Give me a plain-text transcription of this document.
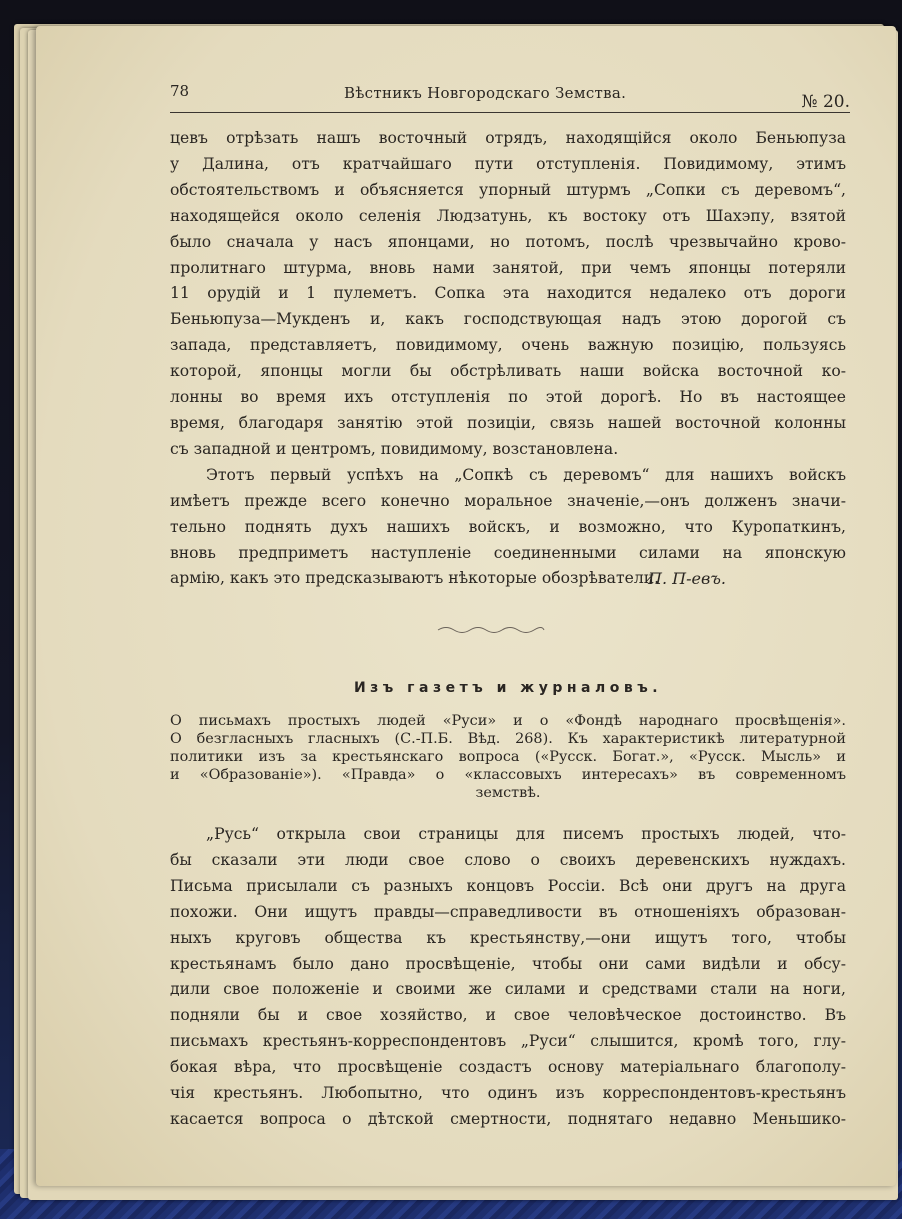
78	Вѣстникъ Новгородскаго Земства.	№ 20.

цевъ отрѣзать нашъ восточный отрядъ, находящійся около Беньюпуза
у Далина, отъ кратчайшаго пути отступленія. Повидимому, этимъ
обстоятельствомъ и объясняется упорный штурмъ „Сопки съ деревомъ“,
находящейся около селенія Людзатунь, къ востоку отъ Шахэпу, взятой
было сначала у насъ японцами, но потомъ, послѣ чрезвычайно крово-
пролитнаго штурма, вновь нами занятой, при чемъ японцы потеряли
11 орудій и 1 пулеметъ. Сопка эта находится недалеко отъ дороги
Беньюпуза—Мукденъ и, какъ господствующая надъ этою дорогой съ
запада, представляетъ, повидимому, очень важную позицію, пользуясь
которой, японцы могли бы обстрѣливать наши войска восточной ко-
лонны во время ихъ отступленія по этой дорогѣ. Но въ настоящее
время, благодаря занятію этой позиціи, связь нашей восточной колонны
съ западной и центромъ, повидимому, возстановлена.
Этотъ первый успѣхъ на „Сопкѣ съ деревомъ“ для нашихъ войскъ
имѣетъ прежде всего конечно моральное значеніе,—онъ долженъ значи-
тельно поднять духъ нашихъ войскъ, и возможно, что Куропаткинъ,
вновь предприметъ наступленіе соединенными силами на японскую
армію, какъ это предсказываютъ нѣкоторые обозрѣватели.

П. П-евъ.
Изъ газетъ и журналовъ.
О письмахъ простыхъ людей «Руси» и о «Фондѣ народнаго просвѣщенія».
О безгласныхъ гласныхъ (С.-П.Б. Вѣд. 268). Къ характеристикѣ литературной
политики изъ за крестьянскаго вопроса («Русск. Богат.», «Русск. Мысль» и
и «Образованіе»). «Правда» о «классовыхъ интересахъ» въ современномъ
земствѣ.

„Русь“ открыла свои страницы для писемъ простыхъ людей, что-
бы сказали эти люди свое слово о своихъ деревенскихъ нуждахъ.
Письма присылали съ разныхъ концовъ Россіи. Всѣ они другъ на друга
похожи. Они ищутъ правды—справедливости въ отношеніяхъ образован-
ныхъ круговъ общества къ крестьянству,—они ищутъ того, чтобы
крестьянамъ было дано просвѣщеніе, чтобы они сами видѣли и обсу-
дили свое положеніе и своими же силами и средствами стали на ноги,
подняли бы и свое хозяйство, и свое человѣческое достоинство. Въ
письмахъ крестьянъ-корреспондентовъ „Руси“ слышится, кромѣ того, глу-
бокая вѣра, что просвѣщеніе создастъ основу матеріальнаго благополу-
чія крестьянъ. Любопытно, что одинъ изъ корреспондентовъ-крестьянъ
касается вопроса о дѣтской смертности, поднятаго недавно Меньшико-
